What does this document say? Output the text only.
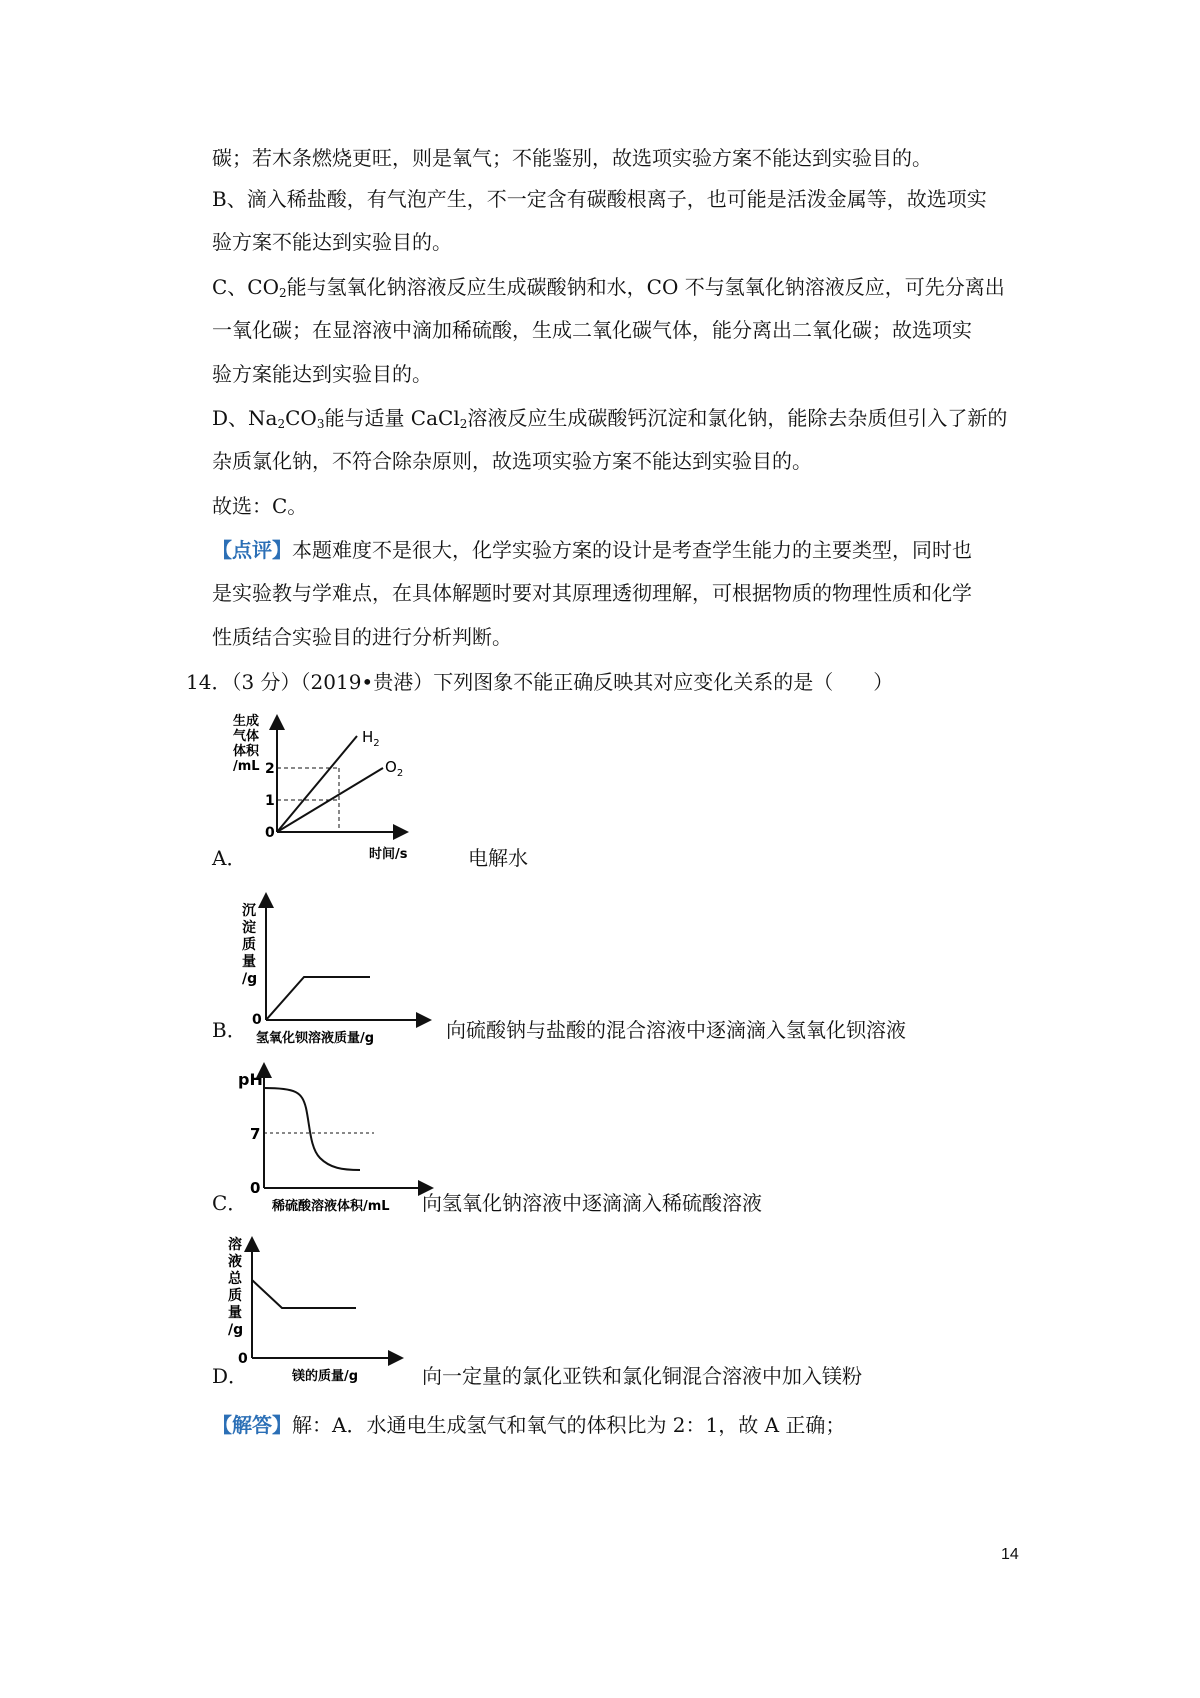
碳；若木条燃烧更旺，则是氧气；不能鉴别，故选项实验方案不能达到实验目的。
B、滴入稀盐酸，有气泡产生，不一定含有碳酸根离子，也可能是活泼金属等，故选项实
验方案不能达到实验目的。
C、$CO_2$能与氢氧化钠溶液反应生成碳酸钠和水，CO 不与氢氧化钠溶液反应，可先分离出
一氧化碳；在显溶液中滴加稀硫酸，生成二氧化碳气体，能分离出二氧化碳；故选项实
验方案能达到实验目的。
D、$Na_2CO_3$能与适量 CaCl$_2$溶液反应生成碳酸钙沉淀和氯化钠，能除去杂质但引入了新的
杂质氯化钠，不符合除杂原则，故选项实验方案不能达到实验目的。
故选：C。
【点评】本题难度不是很大，化学实验方案的设计是考查学生能力的主要类型，同时也
是实验教与学难点，在具体解题时要对其原理透彻理解，可根据物质的物理性质和化学
性质结合实验目的进行分析判断。
14．（3 分）（2019•贵港）下列图象不能正确反映其对应变化关系的是（　　）
生成
气体
体积
/mL
$H_2$
$O_2$
2
1
0
时间/s
A．	电解水
沉
淀
质
量
/g
0
氢氧化钡溶液质量/g
B．	向硫酸钠与盐酸的混合溶液中逐滴滴入氢氧化钡溶液
pH
7
0
稀硫酸溶液体积/mL
C．	向氢氧化钠溶液中逐滴滴入稀硫酸溶液
溶
液
总
质
量
/g
0
镁的质量/g
D．	向一定量的氯化亚铁和氯化铜混合溶液中加入镁粉
【解答】解：A．水通电生成氢气和氧气的体积比为 2：1，故 A 正确；
14
